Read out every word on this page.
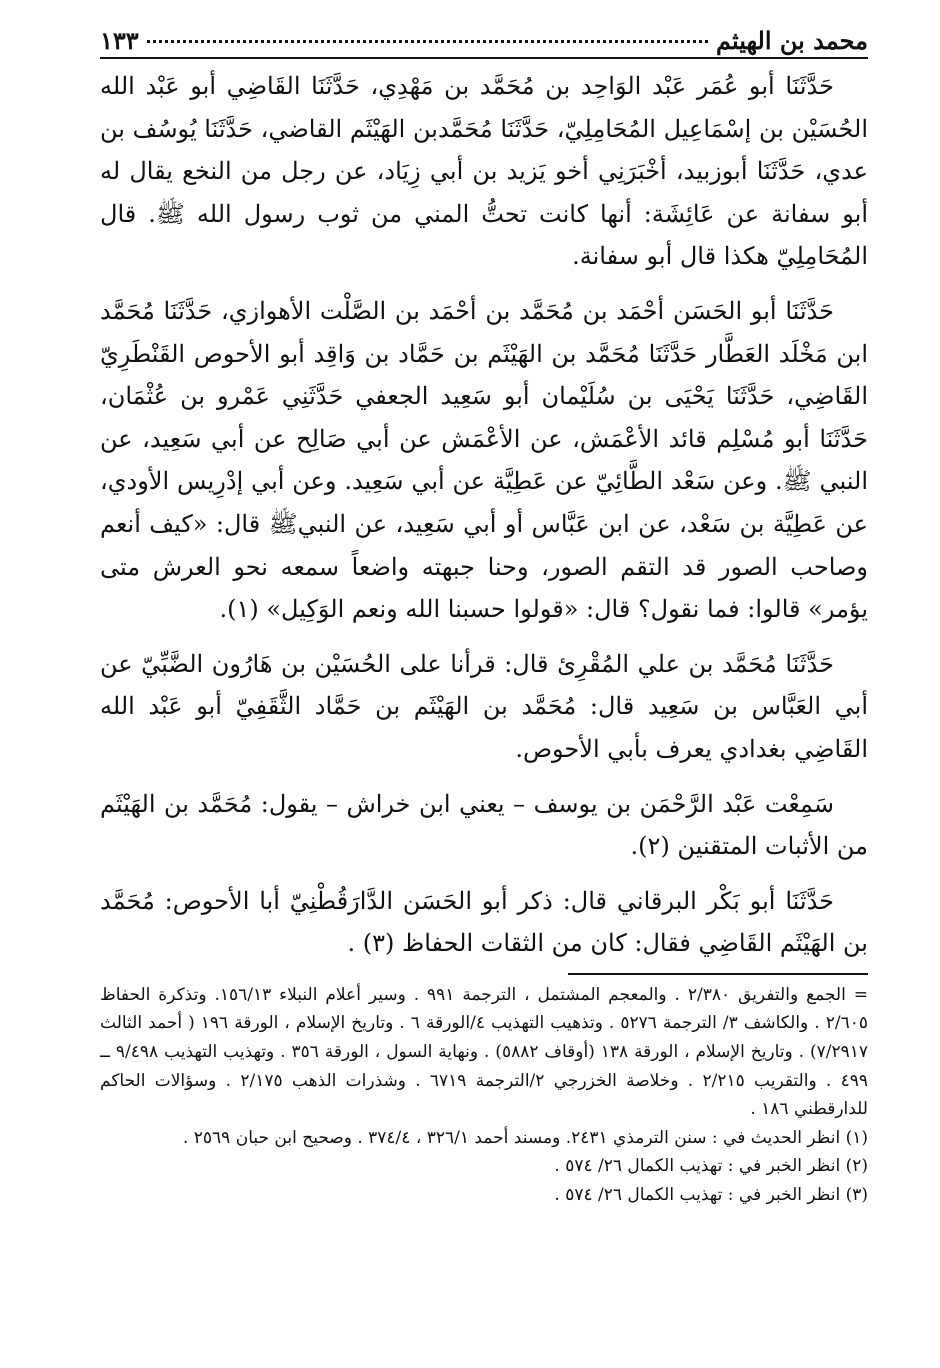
محمد بن الهيثم
١٣٣

حَدَّثَنَا أبو عُمَر عَبْد الوَاحِد بن مُحَمَّد بن مَهْدِي، حَدَّثَنَا القَاضِي أبو عَبْد الله الحُسَيْن بن إسْمَاعِيل المُحَامِلِيّ، حَدَّثَنَا مُحَمَّدبن الهَيْثَم القاضي، حَدَّثَنَا يُوسُف بن عدي، حَدَّثَنَا أبوزبيد، أخْبَرَنِي أخو يَزيد بن أبي زِيَاد، عن رجل من النخع يقال له أبو سفانة عن عَائِشَة: أنها كانت تحتُّ المني من ثوب رسول الله ﷺ. قال المُحَامِلِيّ هكذا قال أبو سفانة.

حَدَّثَنَا أبو الحَسَن أحْمَد بن مُحَمَّد بن أحْمَد بن الصَّلْت الأهوازي، حَدَّثَنَا مُحَمَّد ابن مَخْلَد العَطَّار حَدَّثَنَا مُحَمَّد بن الهَيْثَم بن حَمَّاد بن وَاقِد أبو الأحوص القَنْطَرِيّ القَاضِي، حَدَّثَنَا يَحْيَى بن سُلَيْمان أبو سَعِيد الجعفي حَدَّثَنِي عَمْرو بن عُثْمَان، حَدَّثَنَا أبو مُسْلِم قائد الأعْمَش، عن الأعْمَش عن أبي صَالِح عن أبي سَعِيد، عن النبي ﷺ. وعن سَعْد الطَّائِيّ عن عَطِيَّة عن أبي سَعِيد. وعن أبي إدْرِيس الأودي، عن عَطِيَّة بن سَعْد، عن ابن عَبَّاس أو أبي سَعِيد، عن النبيﷺ قال: «كيف أنعم وصاحب الصور قد التقم الصور، وحنا جبهته واضعاً سمعه نحو العرش متى يؤمر» قالوا: فما نقول؟ قال: «قولوا حسبنا الله ونعم الوَكِيل» (١).

حَدَّثَنَا مُحَمَّد بن علي المُقْرِئ قال: قرأنا على الحُسَيْن بن هَارُون الضَّبِّيّ عن أبي العَبَّاس بن سَعِيد قال: مُحَمَّد بن الهَيْثَم بن حَمَّاد الثَّقَفِيّ أبو عَبْد الله القَاضِي بغدادي يعرف بأبي الأحوص.

سَمِعْت عَبْد الرَّحْمَن بن يوسف – يعني ابن خراش – يقول: مُحَمَّد بن الهَيْثَم من الأثبات المتقنين (٢).

حَدَّثَنَا أبو بَكْر البرقاني قال: ذكر أبو الحَسَن الدَّارَقُطْنِيّ أبا الأحوص: مُحَمَّد بن الهَيْثَم القَاضِي فقال: كان من الثقات الحفاظ (٣) .

= الجمع والتفريق ٢/٣٨٠ . والمعجم المشتمل ، الترجمة ٩٩١ . وسير أعلام النبلاء ١٥٦/١٣. وتذكرة الحفاظ ٢/٦٠٥ . والكاشف ٣/ الترجمة ٥٢٧٦ . وتذهيب التهذيب ٤/الورقة ٦ . وتاريخ الإسلام ، الورقة ١٩٦ ( أحمد الثالث ٧/٢٩١٧) . وتاريخ الإسلام ، الورقة ١٣٨ (أوقاف ٥٨٨٢) . ونهاية السول ، الورقة ٣٥٦ . وتهذيب التهذيب ٩/٤٩٨ ــ ٤٩٩ . والتقريب ٢/٢١٥ . وخلاصة الخزرجي ٢/الترجمة ٦٧١٩ . وشذرات الذهب ٢/١٧٥ . وسؤالات الحاكم للدارقطني ١٨٦ .

(١) انظر الحديث في : سنن الترمذي ٢٤٣١. ومسند أحمد ٣٢٦/١ ، ٣٧٤/٤ . وصحيح ابن حبان ٢٥٦٩ .

(٢) انظر الخبر في : تهذيب الكمال ٢٦/ ٥٧٤ .

(٣) انظر الخبر في : تهذيب الكمال ٢٦/ ٥٧٤ .
